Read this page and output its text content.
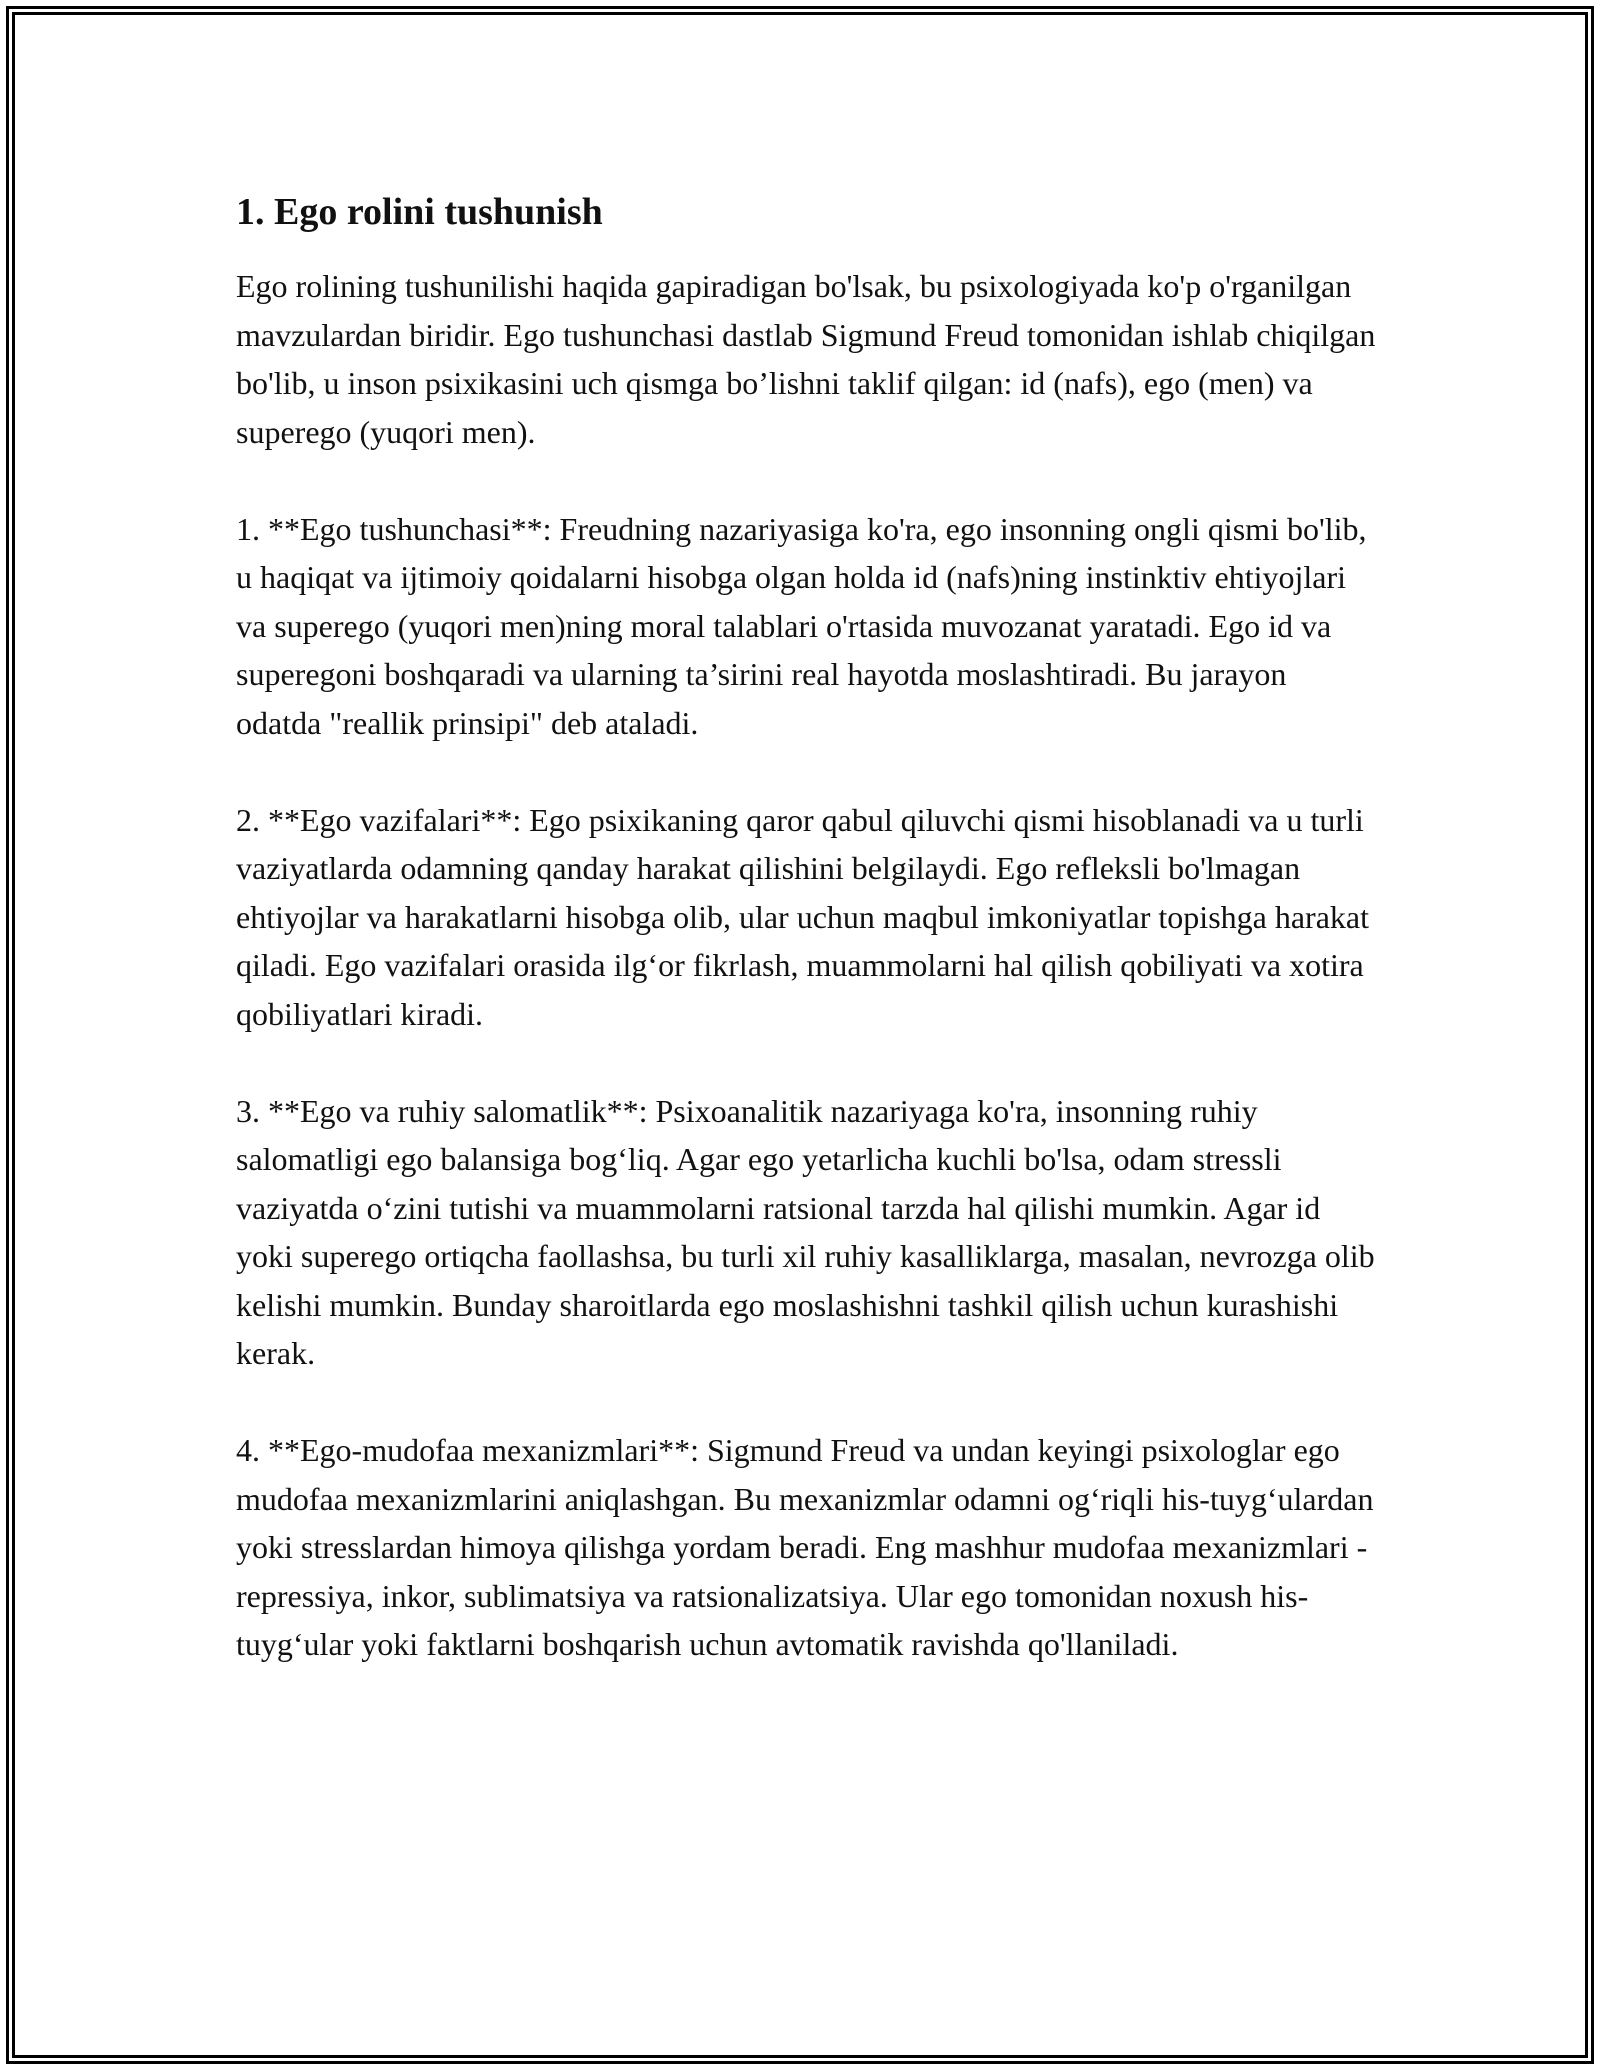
1. Ego rolini tushunish

Ego rolining tushunilishi haqida gapiradigan bo'lsak, bu psixologiyada ko'p o'rganilgan mavzulardan biridir. Ego tushunchasi dastlab Sigmund Freud tomonidan ishlab chiqilgan bo'lib, u inson psixikasini uch qismga bo’lishni taklif qilgan: id (nafs), ego (men) va superego (yuqori men).

1. **Ego tushunchasi**: Freudning nazariyasiga ko'ra, ego insonning ongli qismi bo'lib, u haqiqat va ijtimoiy qoidalarni hisobga olgan holda id (nafs)ning instinktiv ehtiyojlari va superego (yuqori men)ning moral talablari o'rtasida muvozanat yaratadi. Ego id va superegoni boshqaradi va ularning ta’sirini real hayotda moslashtiradi. Bu jarayon odatda "reallik prinsipi" deb ataladi.

2. **Ego vazifalari**: Ego psixikaning qaror qabul qiluvchi qismi hisoblanadi va u turli vaziyatlarda odamning qanday harakat qilishini belgilaydi. Ego refleksli bo'lmagan ehtiyojlar va harakatlarni hisobga olib, ular uchun maqbul imkoniyatlar topishga harakat qiladi. Ego vazifalari orasida ilg‘or fikrlash, muammolarni hal qilish qobiliyati va xotira qobiliyatlari kiradi.

3. **Ego va ruhiy salomatlik**: Psixoanalitik nazariyaga ko'ra, insonning ruhiy salomatligi ego balansiga bog‘liq. Agar ego yetarlicha kuchli bo'lsa, odam stressli vaziyatda o‘zini tutishi va muammolarni ratsional tarzda hal qilishi mumkin. Agar id yoki superego ortiqcha faollashsa, bu turli xil ruhiy kasalliklarga, masalan, nevrozga olib kelishi mumkin. Bunday sharoitlarda ego moslashishni tashkil qilish uchun kurashishi kerak.

4. **Ego-mudofaa mexanizmlari**: Sigmund Freud va undan keyingi psixologlar ego mudofaa mexanizmlarini aniqlashgan. Bu mexanizmlar odamni og‘riqli his-tuyg‘ulardan yoki stresslardan himoya qilishga yordam beradi. Eng mashhur mudofaa mexanizmlari - repressiya, inkor, sublimatsiya va ratsionalizatsiya. Ular ego tomonidan noxush his-tuyg‘ular yoki faktlarni boshqarish uchun avtomatik ravishda qo'llaniladi.
